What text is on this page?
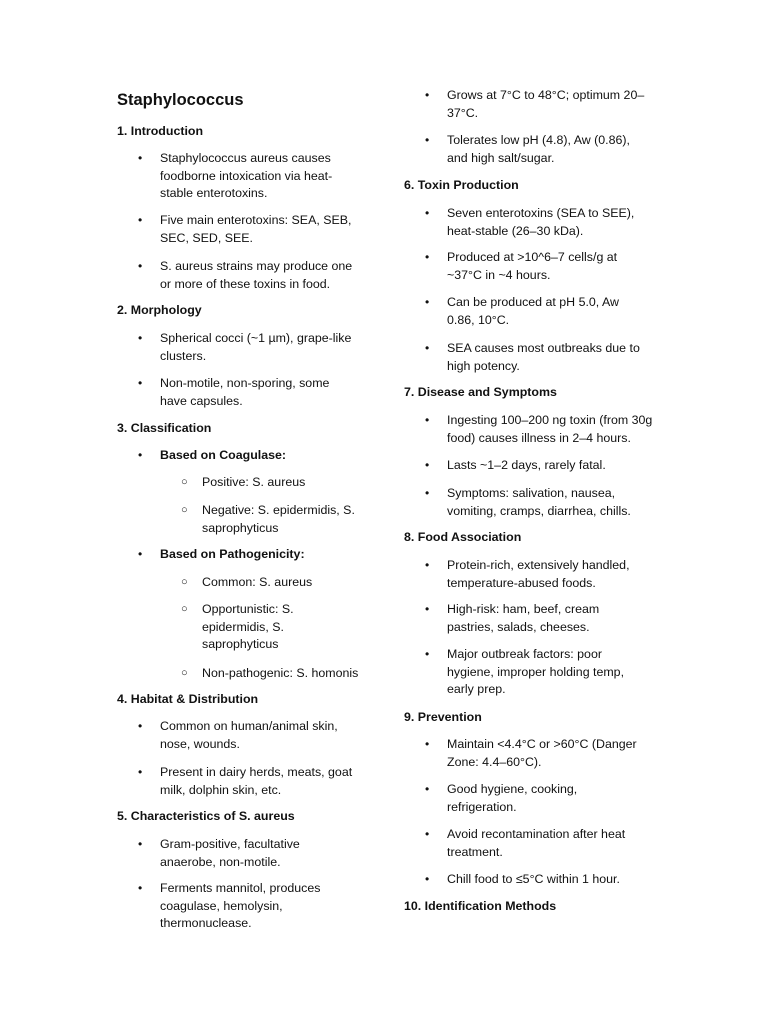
Staphylococcus
1. Introduction
• Staphylococcus aureus causes
foodborne intoxication via heat-
stable enterotoxins.
• Five main enterotoxins: SEA, SEB,
SEC, SED, SEE.
• S. aureus strains may produce one
or more of these toxins in food.
2. Morphology
• Spherical cocci (~1 µm), grape-like
clusters.
• Non-motile, non-sporing, some
have capsules.
3. Classification
• Based on Coagulase:
○ Positive: S. aureus
○ Negative: S. epidermidis, S.
saprophyticus
• Based on Pathogenicity:
○ Common: S. aureus
○ Opportunistic: S.
epidermidis, S.
saprophyticus
○ Non-pathogenic: S. homonis
4. Habitat & Distribution
• Common on human/animal skin,
nose, wounds.
• Present in dairy herds, meats, goat
milk, dolphin skin, etc.
5. Characteristics of S. aureus
• Gram-positive, facultative
anaerobe, non-motile.
• Ferments mannitol, produces
coagulase, hemolysin,
thermonuclease.
• Grows at 7°C to 48°C; optimum 20–
37°C.
• Tolerates low pH (4.8), Aw (0.86),
and high salt/sugar.
6. Toxin Production
• Seven enterotoxins (SEA to SEE),
heat-stable (26–30 kDa).
• Produced at >10^6–7 cells/g at
~37°C in ~4 hours.
• Can be produced at pH 5.0, Aw
0.86, 10°C.
• SEA causes most outbreaks due to
high potency.
7. Disease and Symptoms
• Ingesting 100–200 ng toxin (from 30g
food) causes illness in 2–4 hours.
• Lasts ~1–2 days, rarely fatal.
• Symptoms: salivation, nausea,
vomiting, cramps, diarrhea, chills.
8. Food Association
• Protein-rich, extensively handled,
temperature-abused foods.
• High-risk: ham, beef, cream
pastries, salads, cheeses.
• Major outbreak factors: poor
hygiene, improper holding temp,
early prep.
9. Prevention
• Maintain <4.4°C or >60°C (Danger
Zone: 4.4–60°C).
• Good hygiene, cooking,
refrigeration.
• Avoid recontamination after heat
treatment.
• Chill food to ≤5°C within 1 hour.
10. Identification Methods
